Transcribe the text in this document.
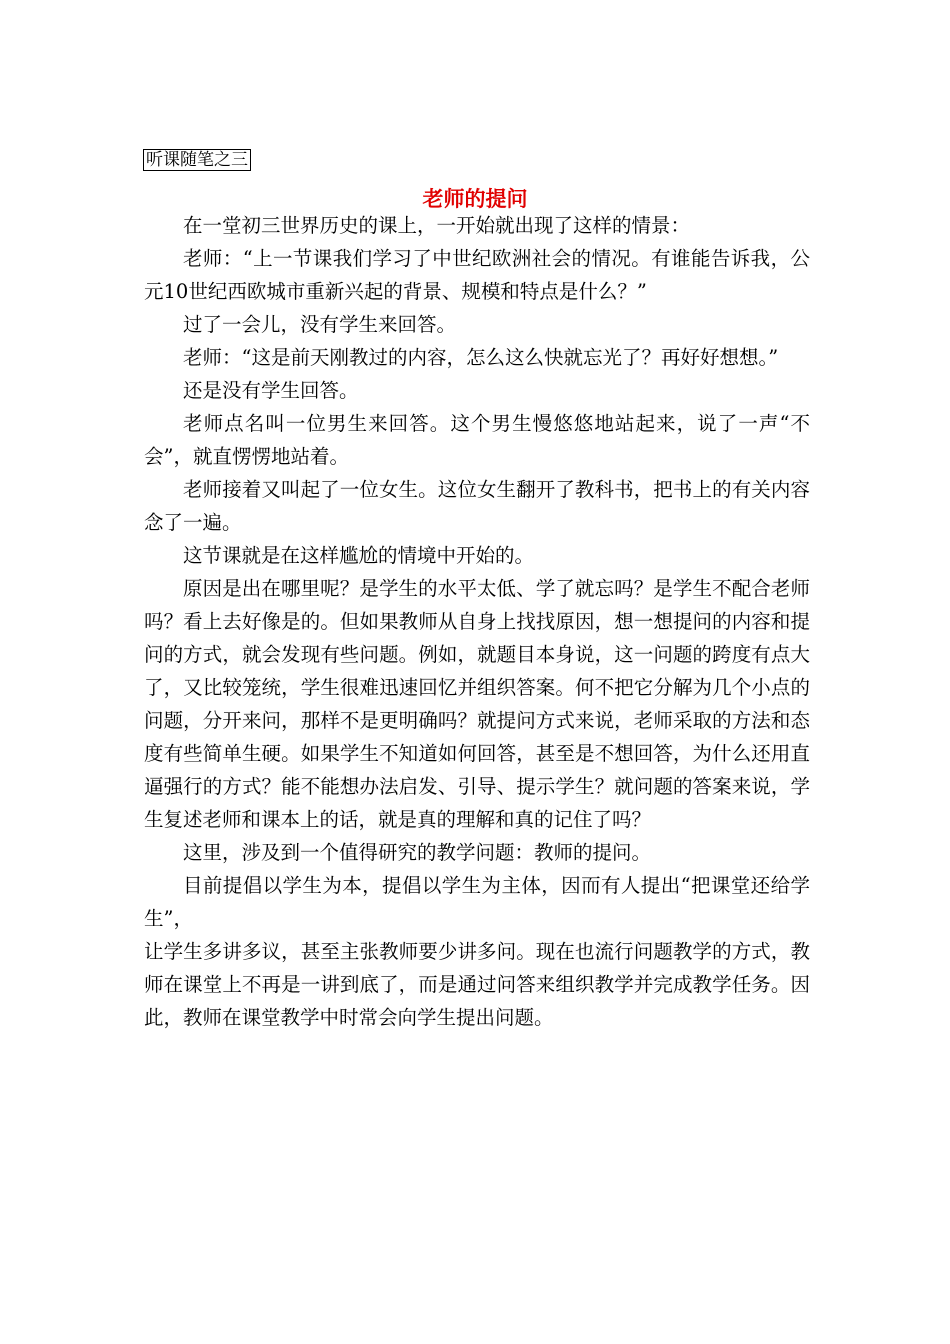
听课随笔之三
老师的提问

在一堂初三世界历史的课上，一开始就出现了这样的情景：

老师：“上一节课我们学习了中世纪欧洲社会的情况。有谁能告诉我，公元10世纪西欧城市重新兴起的背景、规模和特点是什么？”

过了一会儿，没有学生来回答。

老师：“这是前天刚教过的内容，怎么这么快就忘光了？再好好想想。”

还是没有学生回答。

老师点名叫一位男生来回答。这个男生慢悠悠地站起来，说了一声“不会”，就直愣愣地站着。

老师接着又叫起了一位女生。这位女生翻开了教科书，把书上的有关内容念了一遍。

这节课就是在这样尴尬的情境中开始的。

原因是出在哪里呢？是学生的水平太低、学了就忘吗？是学生不配合老师吗？看上去好像是的。但如果教师从自身上找找原因，想一想提问的内容和提问的方式，就会发现有些问题。例如，就题目本身说，这一问题的跨度有点大了，又比较笼统，学生很难迅速回忆并组织答案。何不把它分解为几个小点的问题，分开来问，那样不是更明确吗？就提问方式来说，老师采取的方法和态度有些简单生硬。如果学生不知道如何回答，甚至是不想回答，为什么还用直逼强行的方式？能不能想办法启发、引导、提示学生？就问题的答案来说，学生复述老师和课本上的话，就是真的理解和真的记住了吗？

这里，涉及到一个值得研究的教学问题：教师的提问。

目前提倡以学生为本，提倡以学生为主体，因而有人提出“把课堂还给学生”，

让学生多讲多议，甚至主张教师要少讲多问。现在也流行问题教学的方式，教师在课堂上不再是一讲到底了，而是通过问答来组织教学并完成教学任务。因此，教师在课堂教学中时常会向学生提出问题。
